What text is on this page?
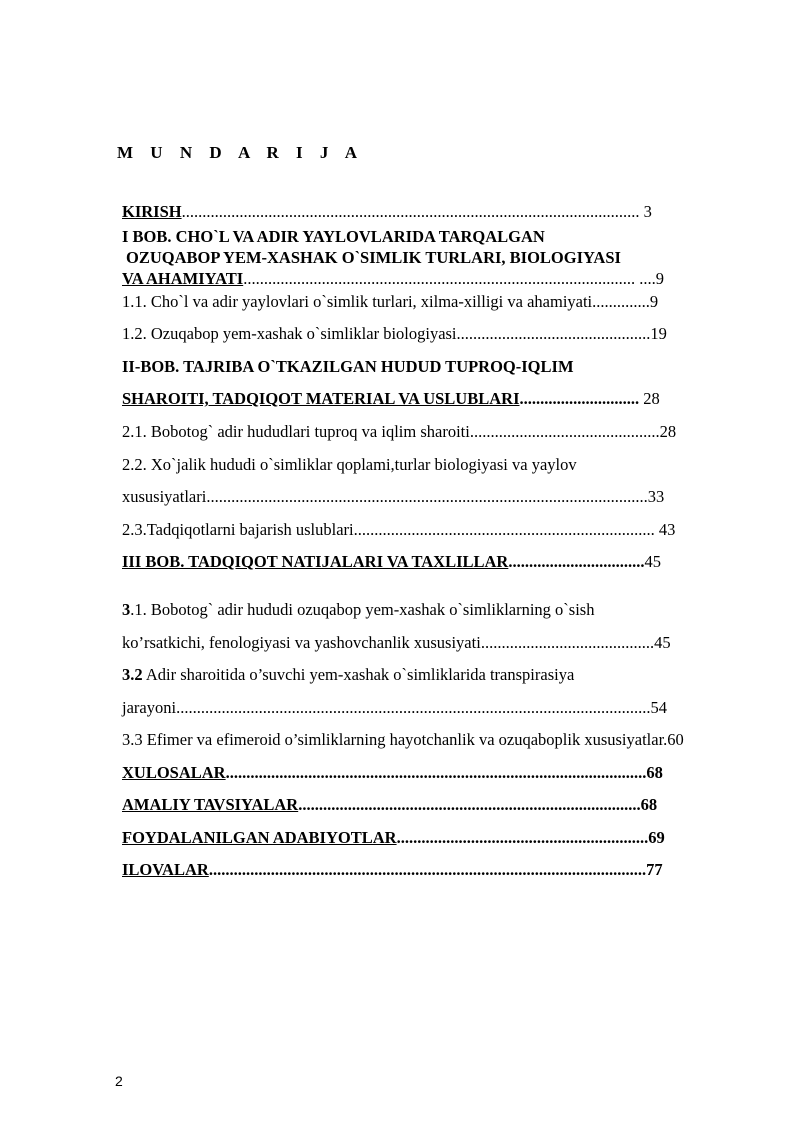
M U N D A R I J A
KIRISH............................................................................................................... 3
I BOB. CHO`L VA ADIR YAYLOVLARIDA TARQALGAN
OZUQABOP YEM-XASHAK O`SIMLIK TURLARI, BIOLOGIYASI
VA AHAMIYATI............................................................................................... ....9
1.1. Cho`l va adir yaylovlari o`simlik turlari, xilma-xilligi va ahamiyati..............9
1.2. Ozuqabop yem-xashak o`simliklar biologiyasi...............................................19
II-BOB. TAJRIBA O`TKAZILGAN HUDUD TUPROQ-IQLIM
SHAROITI, TADQIQOT MATERIAL VA USLUBLARI............................. 28
2.1. Bobotog` adir hududlari tuproq va iqlim sharoiti..............................................28
2.2. Xo`jalik hududi o`simliklar qoplami,turlar biologiyasi va yaylov
xususiyatlari...........................................................................................................33
2.3.Tadqiqotlarni bajarish uslublari......................................................................... 43
III BOB. TADQIQOT NATIJALARI VA TAXLILLAR.................................45
3.1. Bobotog` adir hududi ozuqabop yem-xashak o`simliklarning o`sish
ko’rsatkichi, fenologiyasi va yashovchanlik xususiyati..........................................45
3.2 Adir sharoitida o’suvchi yem-xashak o`simliklarida transpirasiya
jarayoni...................................................................................................................54
3.3 Efimer va efimeroid o’simliklarning hayotchanlik va ozuqaboplik xususiyatlar.60
XULOSALAR......................................................................................................68
AMALIY TAVSIYALAR...................................................................................68
FOYDALANILGAN ADABIYOTLAR.............................................................69
ILOVALAR..........................................................................................................77
2
